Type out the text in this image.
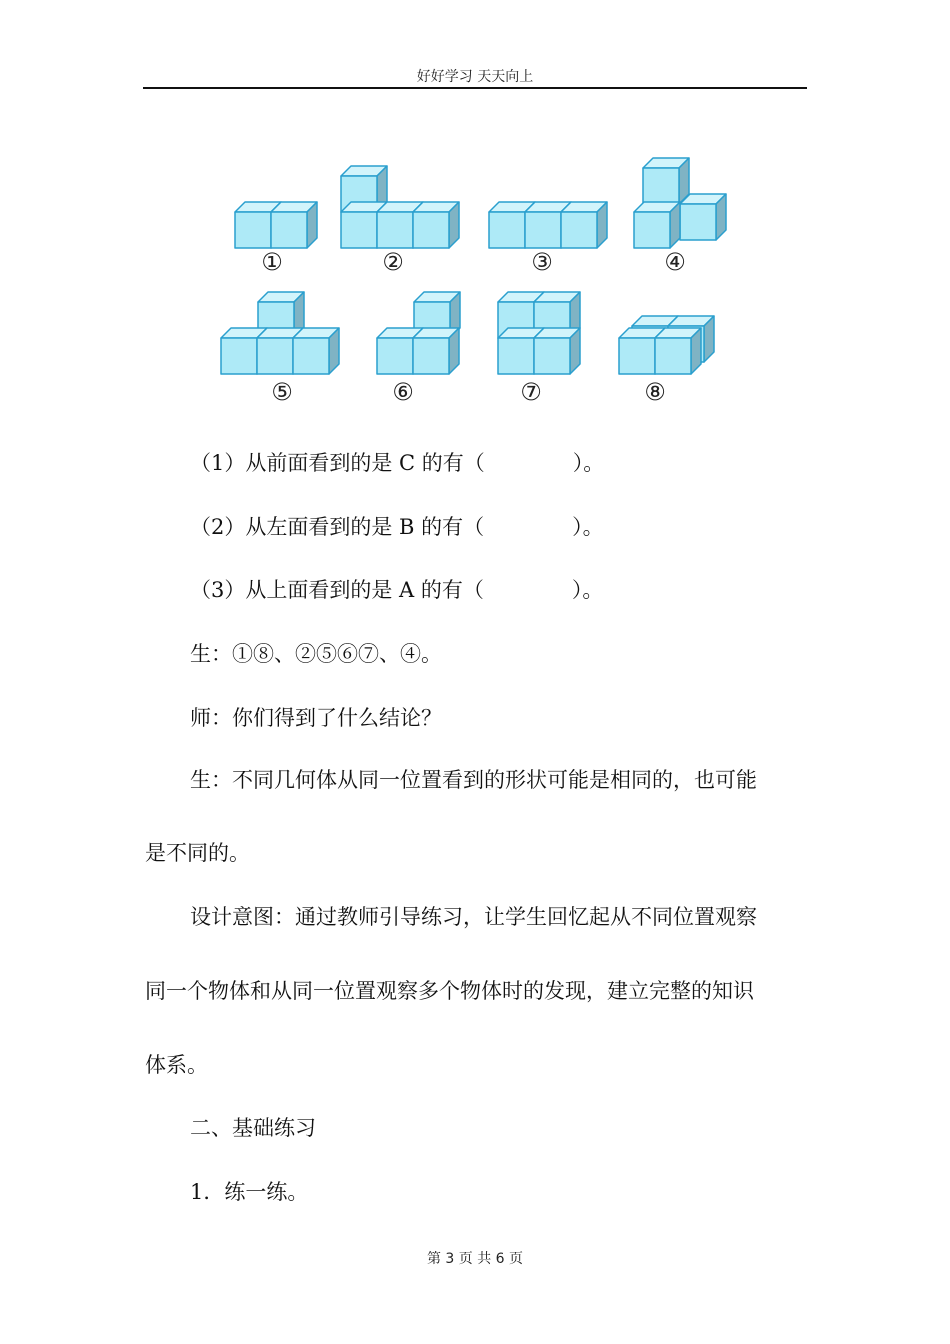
好好学习 天天向上
①	②	③	④
⑤	⑥	⑦	⑧
（1）从前面看到的是 C 的有（	）。
（2）从左面看到的是 B 的有（	）。
（3）从上面看到的是 A 的有（	）。
生：①⑧、②⑤⑥⑦、④。
师：你们得到了什么结论？
生：不同几何体从同一位置看到的形状可能是相同的，也可能
是不同的。
设计意图：通过教师引导练习，让学生回忆起从不同位置观察
同一个物体和从同一位置观察多个物体时的发现，建立完整的知识
体系。
二、基础练习
1．练一练。
第 3 页 共 6 页
